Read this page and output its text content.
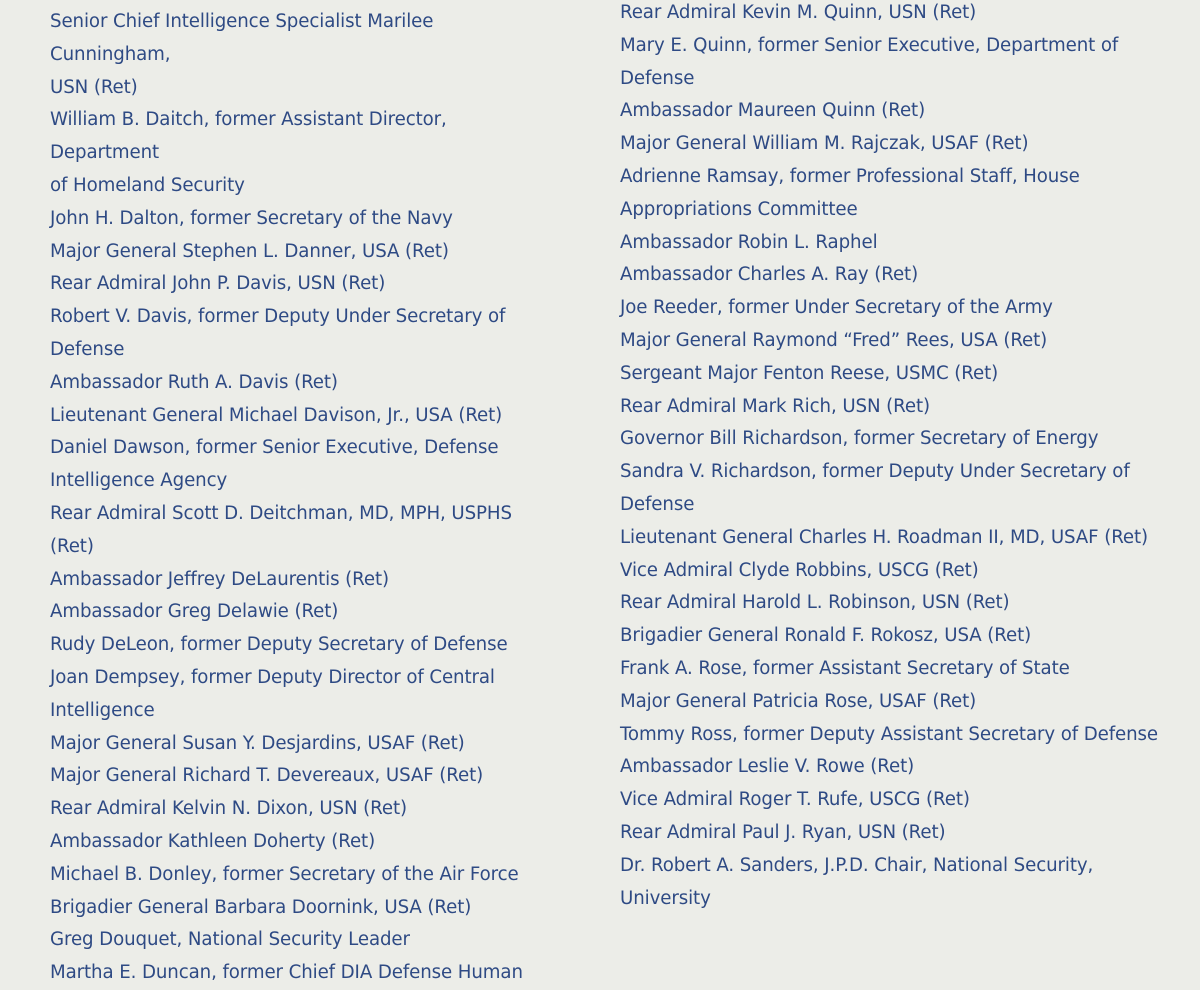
Senior Chief Intelligence Specialist Marilee Cunningham,
USN (Ret)
William B. Daitch, former Assistant Director, Department
of Homeland Security
John H. Dalton, former Secretary of the Navy
Major General Stephen L. Danner, USA (Ret)
Rear Admiral John P. Davis, USN (Ret)
Robert V. Davis, former Deputy Under Secretary of
Defense
Ambassador Ruth A. Davis (Ret)
Lieutenant General Michael Davison, Jr., USA (Ret)
Daniel Dawson, former Senior Executive, Defense
Intelligence Agency
Rear Admiral Scott D. Deitchman, MD, MPH, USPHS (Ret)
Ambassador Jeffrey DeLaurentis (Ret)
Ambassador Greg Delawie (Ret)
Rudy DeLeon, former Deputy Secretary of Defense
Joan Dempsey, former Deputy Director of Central
Intelligence
Major General Susan Y. Desjardins, USAF (Ret)
Major General Richard T. Devereaux, USAF (Ret)
Rear Admiral Kelvin N. Dixon, USN (Ret)
Ambassador Kathleen Doherty (Ret)
Michael B. Donley, former Secretary of the Air Force
Brigadier General Barbara Doornink, USA (Ret)
Greg Douquet, National Security Leader
Martha E. Duncan, former Chief DIA Defense Human
Rear Admiral Kevin M. Quinn, USN (Ret)
Mary E. Quinn, former Senior Executive, Department of
Defense
Ambassador Maureen Quinn (Ret)
Major General William M. Rajczak, USAF (Ret)
Adrienne Ramsay, former Professional Staff, House
Appropriations Committee
Ambassador Robin L. Raphel
Ambassador Charles A. Ray (Ret)
Joe Reeder, former Under Secretary of the Army
Major General Raymond “Fred” Rees, USA (Ret)
Sergeant Major Fenton Reese, USMC (Ret)
Rear Admiral Mark Rich, USN (Ret)
Governor Bill Richardson, former Secretary of Energy
Sandra V. Richardson, former Deputy Under Secretary of
Defense
Lieutenant General Charles H. Roadman II, MD, USAF (Ret)
Vice Admiral Clyde Robbins, USCG (Ret)
Rear Admiral Harold L. Robinson, USN (Ret)
Brigadier General Ronald F. Rokosz, USA (Ret)
Frank A. Rose, former Assistant Secretary of State
Major General Patricia Rose, USAF (Ret)
Tommy Ross, former Deputy Assistant Secretary of Defense
Ambassador Leslie V. Rowe (Ret)
Vice Admiral Roger T. Rufe, USCG (Ret)
Rear Admiral Paul J. Ryan, USN (Ret)
Dr. Robert A. Sanders, J.P.D. Chair, National Security, University
